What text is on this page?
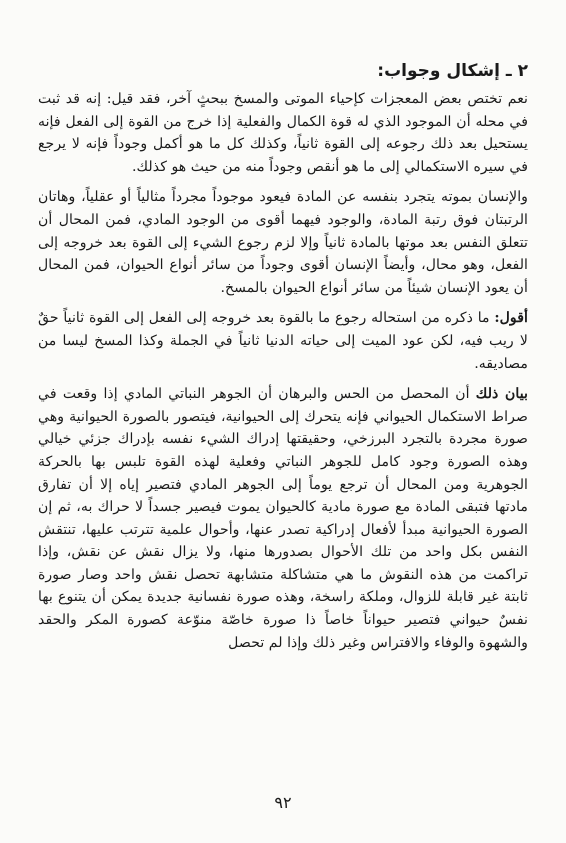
٢ ـ إشكال وجواب:

نعم تختص بعض المعجزات كإحياء الموتى والمسخ ببحثٍ آخر، فقد قيل: إنه قد ثبت في محله أن الموجود الذي له قوة الكمال والفعلية إذا خرج من القوة إلى الفعل فإنه يستحيل بعد ذلك رجوعه إلى القوة ثانياً، وكذلك كل ما هو أكمل وجوداً فإنه لا يرجع في سيره الاستكمالي إلى ما هو أنقص وجوداً منه من حيث هو كذلك.

والإنسان بموته يتجرد بنفسه عن المادة فيعود موجوداً مجرداً مثالياً أو عقلياً، وهاتان الرتبتان فوق رتبة المادة، والوجود فيهما أقوى من الوجود المادي، فمن المحال أن تتعلق النفس بعد موتها بالمادة ثانياً وإلا لزم رجوع الشيء إلى القوة بعد خروجه إلى الفعل، وهو محال، وأيضاً الإنسان أقوى وجوداً من سائر أنواع الحيوان، فمن المحال أن يعود الإنسان شيئاً من سائر أنواع الحيوان بالمسخ.

أقول: ما ذكره من استحاله رجوع ما بالقوة بعد خروجه إلى الفعل إلى القوة ثانياً حقٌ لا ريب فيه، لكن عود الميت إلى حياته الدنيا ثانياً في الجملة وكذا المسخ ليسا من مصاديقه.

بيان ذلك أن المحصل من الحس والبرهان أن الجوهر النباتي المادي إذا وقعت في صراط الاستكمال الحيواني فإنه يتحرك إلى الحيوانية، فيتصور بالصورة الحيوانية وهي صورة مجردة بالتجرد البرزخي، وحقيقتها إدراك الشيء نفسه بإدراك جزئي خيالي وهذه الصورة وجود كامل للجوهر النباتي وفعلية لهذه القوة تلبس بها بالحركة الجوهرية ومن المحال أن ترجع يوماً إلى الجوهر المادي فتصير إياه إلا أن تفارق مادتها فتبقى المادة مع صورة مادية كالحيوان يموت فيصير جسداً لا حراك به، ثم إن الصورة الحيوانية مبدأ لأفعال إدراكية تصدر عنها، وأحوال علمية تترتب عليها، تنتقش النفس بكل واحد من تلك الأحوال بصدورها منها، ولا يزال نقش عن نقش، وإذا تراكمت من هذه النقوش ما هي متشاكلة متشابهة تحصل نقش واحد وصار صورة ثابتة غير قابلة للزوال، وملكة راسخة، وهذه صورة نفسانية جديدة يمكن أن يتنوع بها نفسٌ حيواني فتصير حيواناً خاصاً ذا صورة خاصّة منوّعة كصورة المكر والحقد والشهوة والوفاء والافتراس وغير ذلك وإذا لم تحصل

٩٢
